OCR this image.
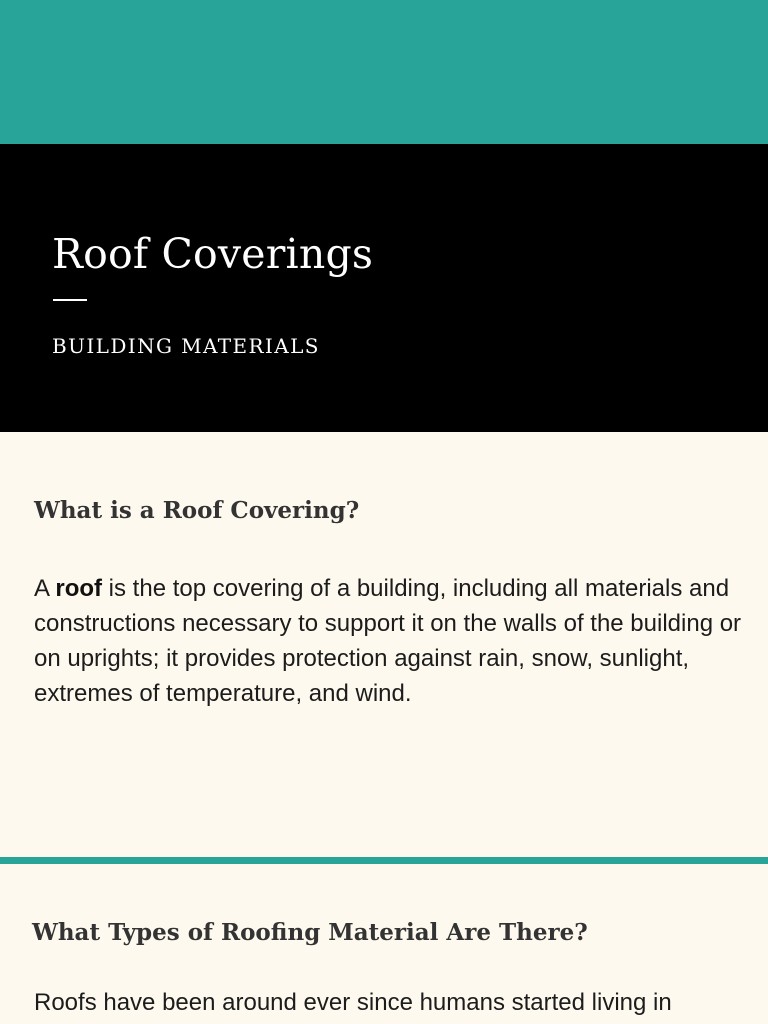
Roof Coverings
BUILDING MATERIALS
What is a Roof Covering?

A roof is the top covering of a building, including all materials and constructions necessary to support it on the walls of the building or on uprights; it provides protection against rain, snow, sunlight, extremes of temperature, and wind.

What Types of Roofing Material Are There?

Roofs have been around ever since humans started living in
